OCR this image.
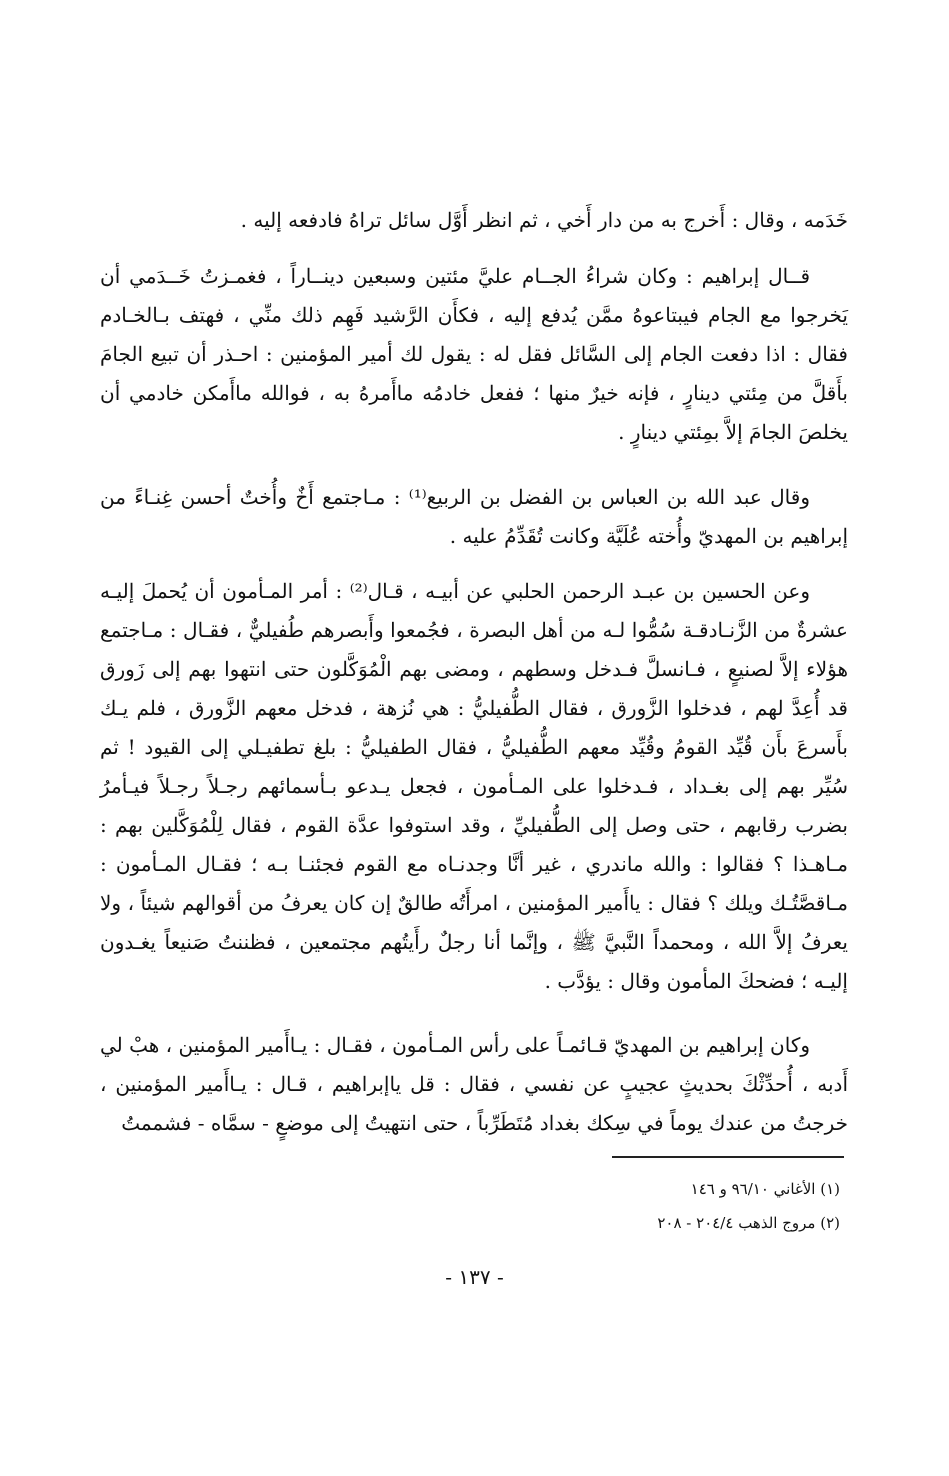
خَدَمه ، وقال : أَخرج به من دار أَخي ، ثم انظر أَوَّل سائل تراهُ فادفعه إليه .

قــال إبراهيم : وكان شراءُ الجــام عليَّ مئتين وسبعين دينــاراً ، فغمـزتُ خَــدَمي أن يَخرجوا مع الجام فيبتاعوهُ ممَّن يُدفع إليه ، فكأَن الرَّشيد فَهِم ذلك منِّي ، فهتف بـالخـادم فقال : اذا دفعت الجام إلى السَّائل فقل له : يقول لك أمير المؤمنين : احـذر أن تبيع الجامَ بأَقلَّ من مِئتي دينارٍ ، فإنه خيرٌ منها ؛ ففعل خادمُه ماأَمرهُ به ، فوالله ماأَمكن خادمي أن يخلصَ الجامَ إلاَّ بمِئتي دينارٍ .

وقال عبد الله بن العباس بن الفضل بن الربيع⁽¹⁾ : مـاجتمع أَخٌ وأُختٌ أحسن غِنـاءً من إبراهيم بن المهديّ وأُخته عُلَيَّة وكانت تُقَدِّمُ عليه .

وعن الحسين بن عبـد الرحمن الحلبي عن أبيـه ، قـال⁽²⁾ : أمر المـأمون أن يُحملَ إليـه عشرةٌ من الزَّنـادقـة سُمُّوا لـه من أهل البصرة ، فجُمعوا وأَبصرهم طُفيليٌّ ، فقـال : مـاجتمع هؤلاء إلاَّ لصنيعٍ ، فـانسلَّ فـدخل وسطهم ، ومضى بهم الْمُوَكَّلون حتى انتهوا بهم إلى زَورق قد أُعِدَّ لهم ، فدخلوا الزَّورق ، فقال الطُّفيليُّ : هي نُزهة ، فدخل معهم الزَّورق ، فلم يـك بأَسرعَ بأَن قُيِّد القومُ وقُيِّد معهم الطُّفيليُّ ، فقال الطفيليُّ : بلغ تطفيـلي إلى القيود ! ثم سُيِّر بهم إلى بغـداد ، فـدخلوا على المـأمون ، فجعل يـدعو بـأسمائهم رجـلاً رجـلاً فيـأمرُ بضرب رقابهم ، حتى وصل إلى الطُّفيليِّ ، وقد استوفوا عدَّة القوم ، فقال لِلْمُوَكَّلين بهم : مـاهـذا ؟ فقالوا : والله ماندري ، غير أنَّا وجدنـاه مع القوم فجئنـا بـه ؛ فقـال المـأمون : مـاقصَّتُـك ويلك ؟ فقال : ياأَمير المؤمنين ، امرأَتُه طالقٌ إن كان يعرفُ من أقوالهم شيئاً ، ولا يعرفُ إلاَّ الله ، ومحمداً النَّبيَّ ﷺ ، وإنَّما أنا رجلٌ رأَيتُهم مجتمعين ، فظننتُ صَنيعاً يغـدون إليـه ؛ فضحكَ المأمون وقال : يؤدَّب .

وكان إبراهيم بن المهديّ قـائمـاً على رأس المـأمون ، فقـال : يـاأَمير المؤمنين ، هبْ لي أَدبه ، أُحدِّثْكَ بحديثٍ عجيبٍ عن نفسي ، فقال : قل ياإبراهيم ، قـال : يـاأَمير المؤمنين ، خرجتُ من عندك يوماً في سِكك بغداد مُتَطَرِّباً ، حتى انتهيتُ إلى موضعٍ - سمَّاه - فشممتُ

(١) الأغاني ٩٦/١٠ و ١٤٦
(٢) مروج الذهب ٢٠٤/٤ - ٢٠٨
- ١٣٧ -
